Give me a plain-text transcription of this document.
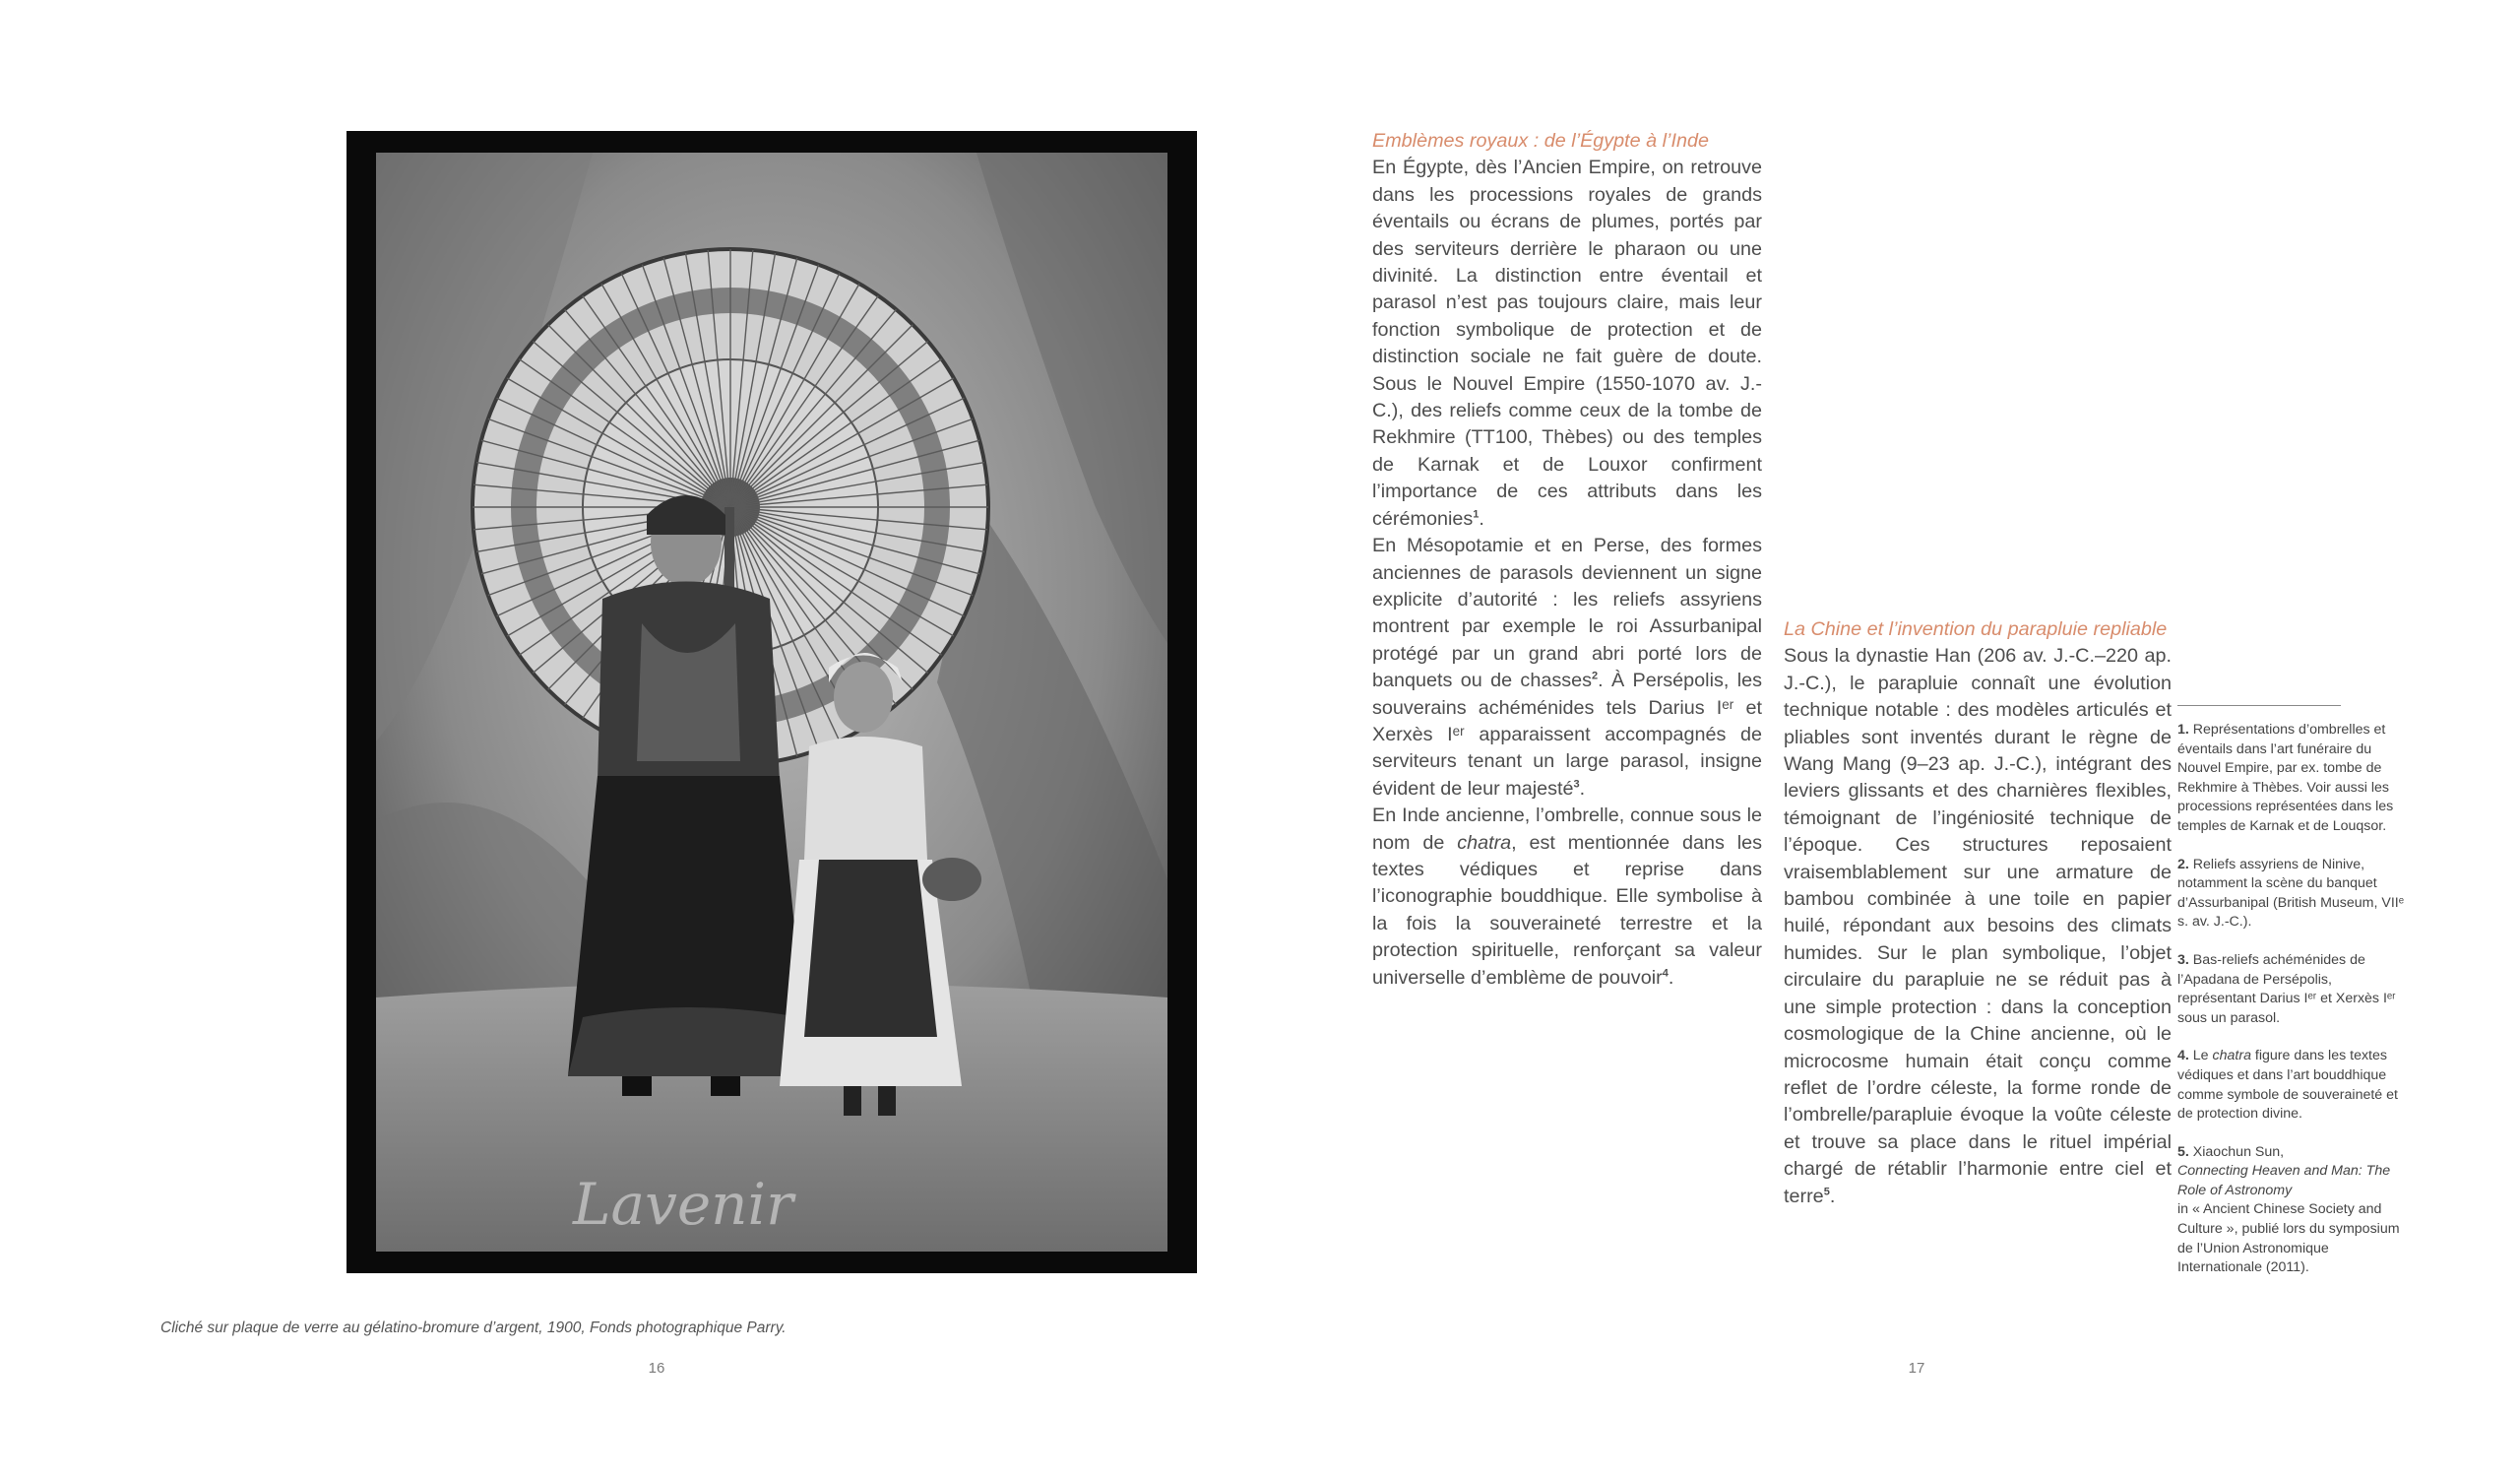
Lavenir
Cliché sur plaque de verre au gélatino-bromure d’argent, 1900, Fonds photographique Parry.
16	17

Emblèmes royaux : de l’Égypte à l’Inde

En Égypte, dès l’Ancien Empire, on retrouve dans les processions royales de grands éventails ou écrans de plumes, portés par des serviteurs derrière le pharaon ou une divinité. La distinction entre éventail et parasol n’est pas toujours claire, mais leur fonction symbolique de protection et de distinction sociale ne fait guère de doute. Sous le Nouvel Empire (1550-1070 av. J.-C.), des reliefs comme ceux de la tombe de Rekhmire (TT100, Thèbes) ou des temples de Karnak et de Louxor confirment l’importance de ces attributs dans les cérémonies$^1$.

En Mésopotamie et en Perse, des formes anciennes de parasols deviennent un signe explicite d’autorité : les reliefs assyriens montrent par exemple le roi Assurbanipal protégé par un grand abri porté lors de banquets ou de chasses$^2$. À Persépolis, les souverains achéménides tels Darius Iᵉʳ et Xerxès Iᵉʳ apparaissent accompagnés de serviteurs tenant un large parasol, insigne évident de leur majesté$^3$.

En Inde ancienne, l’ombrelle, connue sous le nom de chatra, est mentionnée dans les textes védiques et reprise dans l’iconographie bouddhique. Elle symbolise à la fois la souveraineté terrestre et la protection spirituelle, renforçant sa valeur universelle d’emblème de pouvoir$^4$.

La Chine et l’invention du parapluie repliable

Sous la dynastie Han (206 av. J.-C.–220 ap. J.-C.), le parapluie connaît une évolution technique notable : des modèles articulés et pliables sont inventés durant le règne de Wang Mang (9–23 ap. J.-C.), intégrant des leviers glissants et des charnières flexibles, témoignant de l’ingéniosité technique de l’époque. Ces structures reposaient vraisemblablement sur une armature de bambou combinée à une toile en papier huilé, répondant aux besoins des climats humides. Sur le plan symbolique, l’objet circulaire du parapluie ne se réduit pas à une simple protection : dans la conception cosmologique de la Chine ancienne, où le microcosme humain était conçu comme reflet de l’ordre céleste, la forme ronde de l’ombrelle/parapluie évoque la voûte céleste et trouve sa place dans le rituel impérial chargé de rétablir l’harmonie entre ciel et terre$^5$.

1. Représentations d’ombrelles et éventails dans l’art funéraire du Nouvel Empire, par ex. tombe de Rekhmire à Thèbes. Voir aussi les processions représentées dans les temples de Karnak et de Louqsor.

2. Reliefs assyriens de Ninive, notamment la scène du banquet d’Assurbanipal (British Museum, VIIᵉ s. av. J.-C.).

3. Bas-reliefs achéménides de l’Apadana de Persépolis, représentant Darius Iᵉʳ et Xerxès Iᵉʳ sous un parasol.

4. Le chatra figure dans les textes védiques et dans l’art bouddhique comme symbole de souveraineté et de protection divine.

5. Xiaochun Sun,
Connecting Heaven and Man: The Role of Astronomy
in « Ancient Chinese Society and Culture », publié lors du symposium de l’Union Astronomique Internationale (2011).
